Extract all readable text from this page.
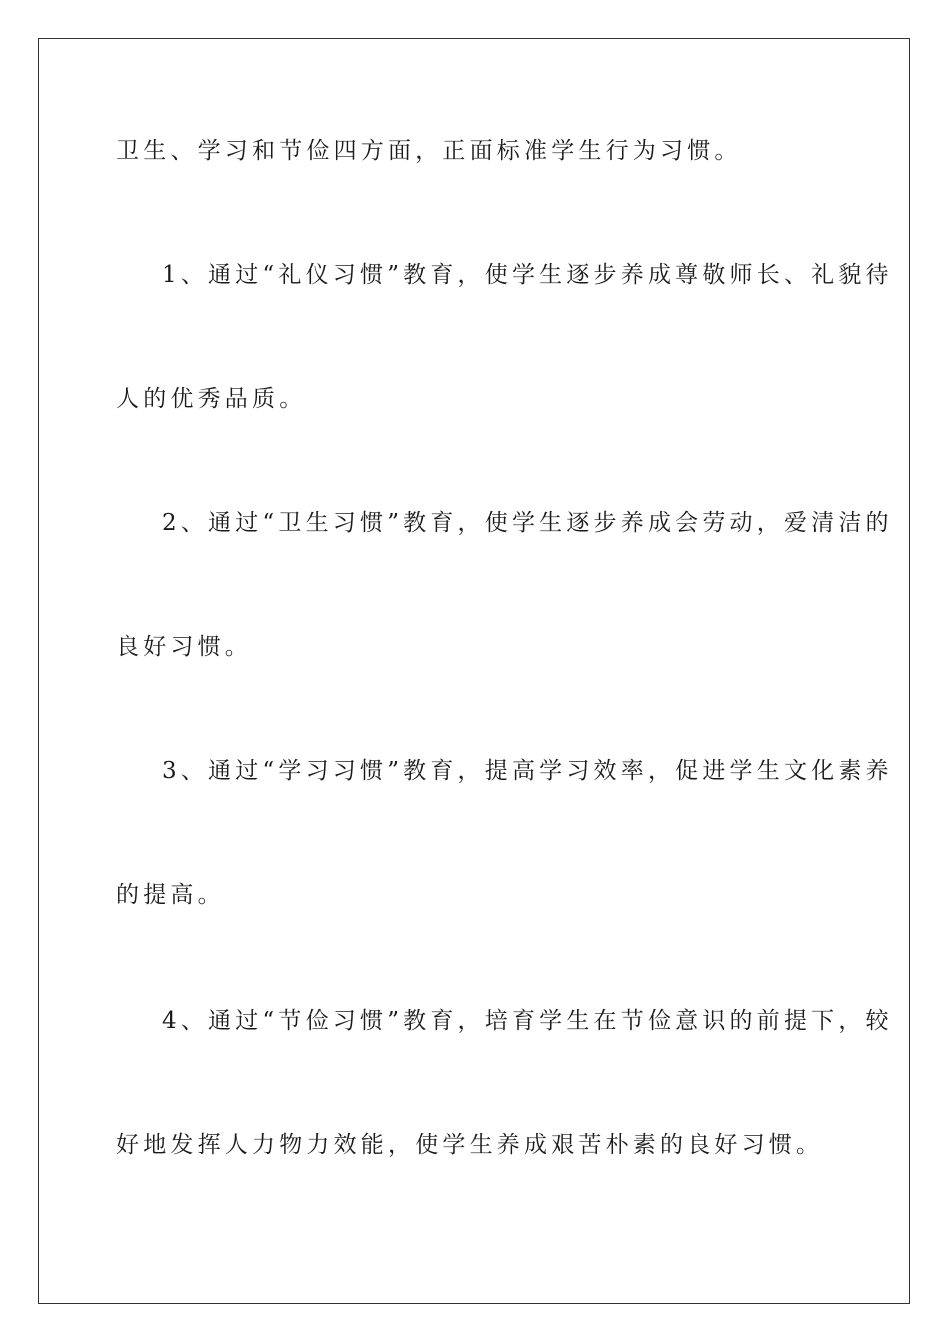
卫生、学习和节俭四方面，正面标准学生行为习惯。
1、通过“礼仪习惯”教育，使学生逐步养成尊敬师长、礼貌待
人的优秀品质。
2、通过“卫生习惯”教育，使学生逐步养成会劳动，爱清洁的
良好习惯。
3、通过“学习习惯”教育，提高学习效率，促进学生文化素养
的提高。
4、通过“节俭习惯”教育，培育学生在节俭意识的前提下，较
好地发挥人力物力效能，使学生养成艰苦朴素的良好习惯。
